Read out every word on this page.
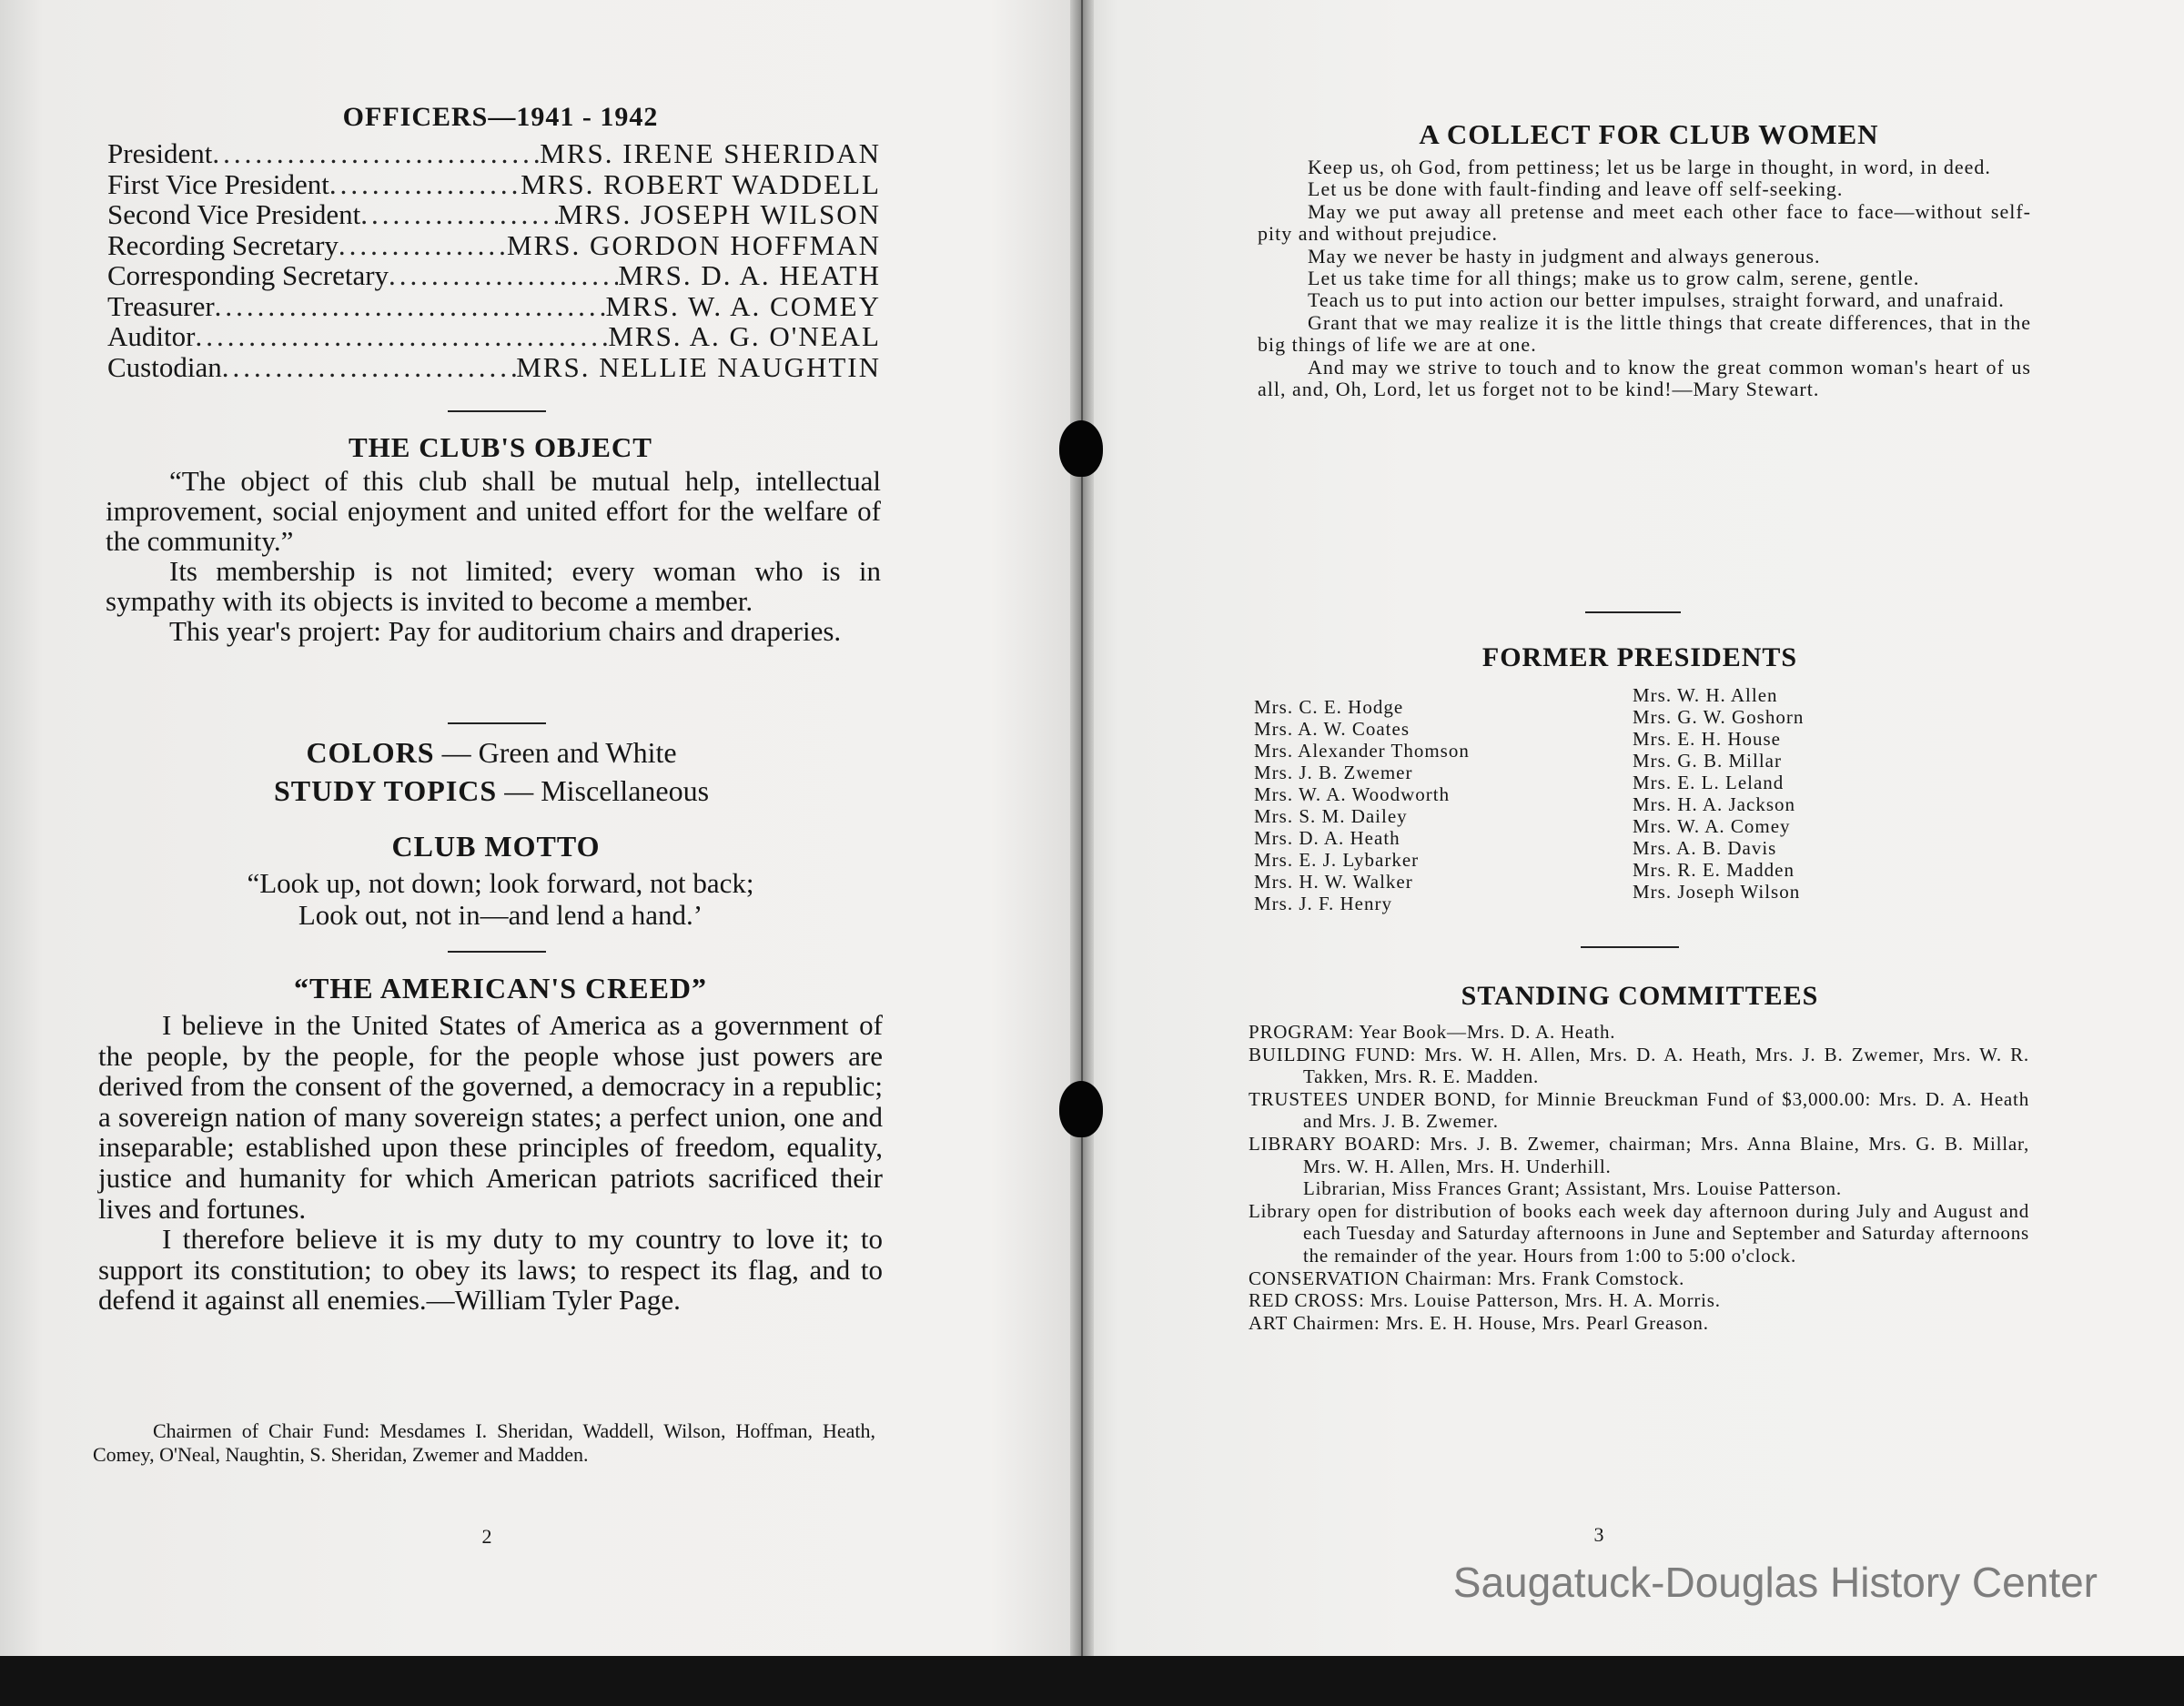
OFFICERS—1941 - 1942
President .....	MRS. IRENE SHERIDAN
First Vice President .....	MRS. ROBERT WADDELL
Second Vice President .....	MRS. JOSEPH WILSON
Recording Secretary .....	MRS. GORDON HOFFMAN
Corresponding Secretary .....	MRS. D. A. HEATH
Treasurer .....	MRS. W. A. COMEY
Auditor .....	MRS. A. G. O'NEAL
Custodian .....	MRS. NELLIE NAUGHTIN
THE CLUB'S OBJECT

“The object of this club shall be mutual help, intellectual improvement, social enjoyment and united effort for the welfare of the community.”

Its membership is not limited; every woman who is in sympathy with its objects is invited to become a member.

This year's projert: Pay for auditorium chairs and draperies.

COLORS — Green and White
STUDY TOPICS — Miscellaneous
CLUB MOTTO
“Look up, not down; look forward, not back;
Look out, not in—and lend a hand.’
“THE AMERICAN'S CREED”

I believe in the United States of America as a government of the people, by the people, for the people whose just powers are derived from the consent of the governed, a democracy in a republic; a sovereign nation of many sovereign states; a perfect union, one and inseparable; established upon these principles of freedom, equality, justice and humanity for which American patriots sacrificed their lives and fortunes.

I therefore believe it is my duty to my country to love it; to support its constitution; to obey its laws; to respect its flag, and to defend it against all enemies.—William Tyler Page.

Chairmen of Chair Fund: Mesdames I. Sheridan, Waddell, Wilson, Hoffman, Heath, Comey, O'Neal, Naughtin, S. Sheridan, Zwemer and Madden.
2
A COLLECT FOR CLUB WOMEN

Keep us, oh God, from pettiness; let us be large in thought, in word, in deed.

Let us be done with fault-finding and leave off self-seeking.

May we put away all pretense and meet each other face to face—without self-pity and without prejudice.

May we never be hasty in judgment and always generous.

Let us take time for all things; make us to grow calm, serene, gentle.

Teach us to put into action our better impulses, straight forward, and unafraid.

Grant that we may realize it is the little things that create differences, that in the big things of life we are at one.

And may we strive to touch and to know the great common woman's heart of us all, and, Oh, Lord, let us forget not to be kind!—Mary Stewart.

FORMER PRESIDENTS
Mrs. C. E. Hodge
Mrs. A. W. Coates
Mrs. Alexander Thomson
Mrs. J. B. Zwemer
Mrs. W. A. Woodworth
Mrs. S. M. Dailey
Mrs. D. A. Heath
Mrs. E. J. Lybarker
Mrs. H. W. Walker
Mrs. J. F. Henry
Mrs. W. H. Allen
Mrs. G. W. Goshorn
Mrs. E. H. House
Mrs. G. B. Millar
Mrs. E. L. Leland
Mrs. H. A. Jackson
Mrs. W. A. Comey
Mrs. A. B. Davis
Mrs. R. E. Madden
Mrs. Joseph Wilson
STANDING COMMITTEES

PROGRAM: Year Book—Mrs. D. A. Heath.

BUILDING FUND: Mrs. W. H. Allen, Mrs. D. A. Heath, Mrs. J. B. Zwemer, Mrs. W. R. Takken, Mrs. R. E. Madden.

TRUSTEES UNDER BOND, for Minnie Breuckman Fund of $3,000.00: Mrs. D. A. Heath and Mrs. J. B. Zwemer.

LIBRARY BOARD: Mrs. J. B. Zwemer, chairman; Mrs. Anna Blaine, Mrs. G. B. Millar, Mrs. W. H. Allen, Mrs. H. Underhill.

Librarian, Miss Frances Grant; Assistant, Mrs. Louise Patterson.

Library open for distribution of books each week day afternoon during July and August and each Tuesday and Saturday afternoons in June and September and Saturday afternoons the remainder of the year. Hours from 1:00 to 5:00 o'clock.

CONSERVATION Chairman: Mrs. Frank Comstock.

RED CROSS: Mrs. Louise Patterson, Mrs. H. A. Morris.

ART Chairmen: Mrs. E. H. House, Mrs. Pearl Greason.

3
Saugatuck-Douglas History Center
